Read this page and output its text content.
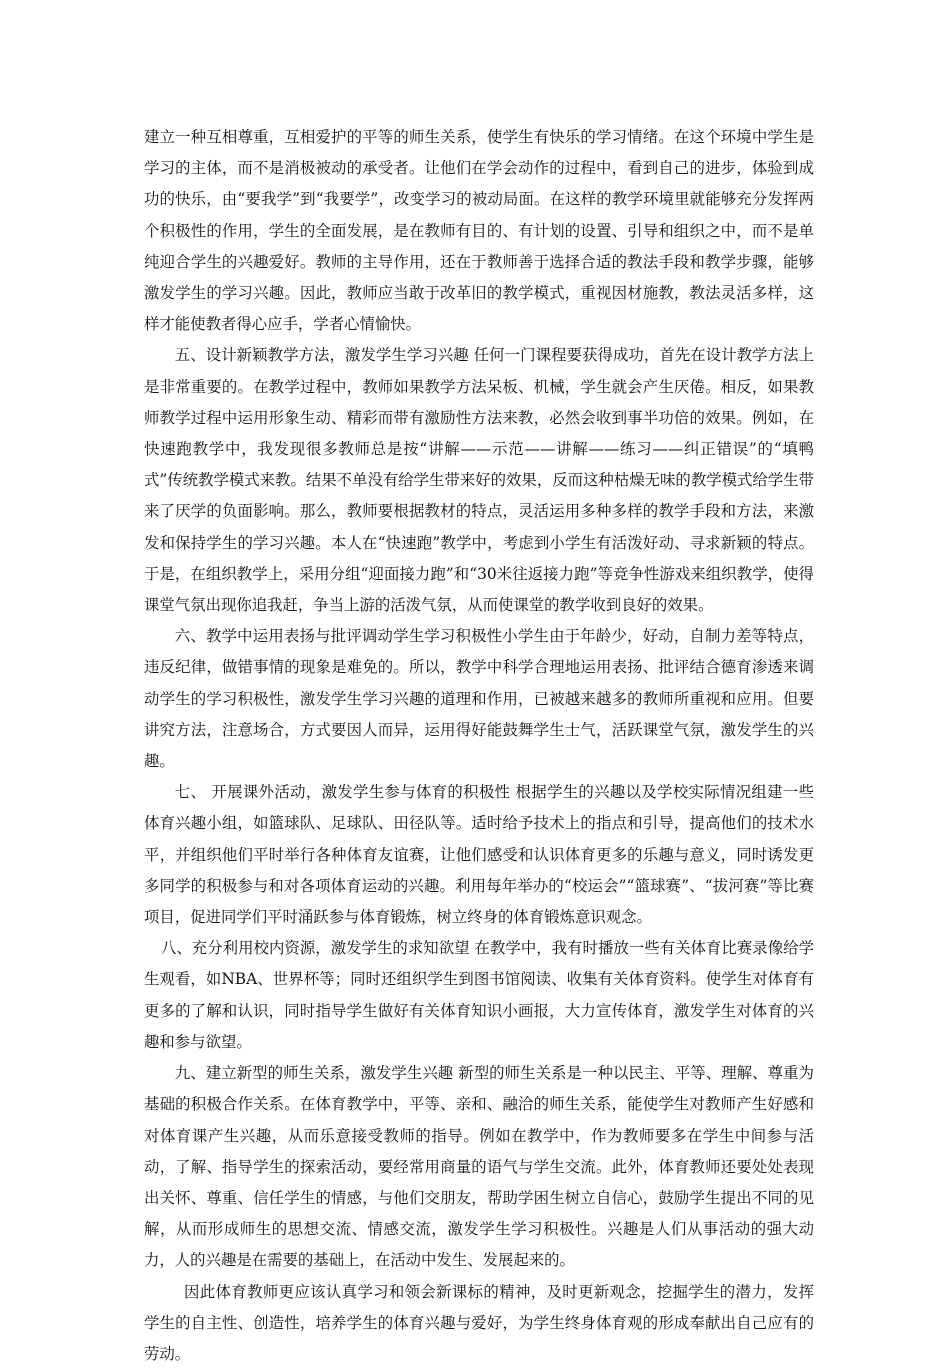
建立一种互相尊重，互相爱护的平等的师生关系，使学生有快乐的学习情绪。在这个环境中学生是学习的主体，而不是消极被动的承受者。让他们在学会动作的过程中，看到自己的进步，体验到成功的快乐，由“要我学”到“我要学”，改变学习的被动局面。在这样的教学环境里就能够充分发挥两个积极性的作用，学生的全面发展，是在教师有目的、有计划的设置、引导和组织之中，而不是单纯迎合学生的兴趣爱好。教师的主导作用，还在于教师善于选择合适的教法手段和教学步骤，能够激发学生的学习兴趣。因此，教师应当敢于改革旧的教学模式，重视因材施教，教法灵活多样，这样才能使教者得心应手，学者心情愉快。

五、设计新颖教学方法，激发学生学习兴趣 任何一门课程要获得成功，首先在设计教学方法上是非常重要的。在教学过程中，教师如果教学方法呆板、机械，学生就会产生厌倦。相反，如果教师教学过程中运用形象生动、精彩而带有激励性方法来教，必然会收到事半功倍的效果。例如，在快速跑教学中，我发现很多教师总是按“讲解——示范——讲解——练习——纠正错误”的“填鸭式”传统教学模式来教。结果不单没有给学生带来好的效果，反而这种枯燥无味的教学模式给学生带来了厌学的负面影响。那么，教师要根据教材的特点，灵活运用多种多样的教学手段和方法，来激发和保持学生的学习兴趣。本人在“快速跑”教学中，考虑到小学生有活泼好动、寻求新颖的特点。于是，在组织教学上，采用分组“迎面接力跑”和“30米往返接力跑”等竞争性游戏来组织教学，使得课堂气氛出现你追我赶，争当上游的活泼气氛，从而使课堂的教学收到良好的效果。

六、教学中运用表扬与批评调动学生学习积极性小学生由于年龄少，好动，自制力差等特点，违反纪律，做错事情的现象是难免的。所以，教学中科学合理地运用表扬、批评结合德育渗透来调动学生的学习积极性，激发学生学习兴趣的道理和作用，已被越来越多的教师所重视和应用。但要讲究方法，注意场合，方式要因人而异，运用得好能鼓舞学生士气，活跃课堂气氛，激发学生的兴趣。

七、 开展课外活动，激发学生参与体育的积极性 根据学生的兴趣以及学校实际情况组建一些体育兴趣小组，如篮球队、足球队、田径队等。适时给予技术上的指点和引导，提高他们的技术水平，并组织他们平时举行各种体育友谊赛，让他们感受和认识体育更多的乐趣与意义，同时诱发更多同学的积极参与和对各项体育运动的兴趣。利用每年举办的“校运会”“篮球赛”、“拔河赛”等比赛项目，促进同学们平时涌跃参与体育锻炼，树立终身的体育锻炼意识观念。

八、充分利用校内资源，激发学生的求知欲望 在教学中，我有时播放一些有关体育比赛录像给学生观看，如NBA、世界杯等；同时还组织学生到图书馆阅读、收集有关体育资料。使学生对体育有更多的了解和认识，同时指导学生做好有关体育知识小画报，大力宣传体育，激发学生对体育的兴趣和参与欲望。

九、建立新型的师生关系，激发学生兴趣 新型的师生关系是一种以民主、平等、理解、尊重为基础的积极合作关系。在体育教学中，平等、亲和、融洽的师生关系，能使学生对教师产生好感和对体育课产生兴趣，从而乐意接受教师的指导。例如在教学中，作为教师要多在学生中间参与活动，了解、指导学生的探索活动，要经常用商量的语气与学生交流。此外，体育教师还要处处表现出关怀、尊重、信任学生的情感，与他们交朋友，帮助学困生树立自信心，鼓励学生提出不同的见解，从而形成师生的思想交流、情感交流，激发学生学习积极性。兴趣是人们从事活动的强大动力，人的兴趣是在需要的基础上，在活动中发生、发展起来的。

因此体育教师更应该认真学习和领会新课标的精神，及时更新观念，挖掘学生的潜力，发挥学生的自主性、创造性，培养学生的体育兴趣与爱好，为学生终身体育观的形成奉献出自己应有的劳动。
